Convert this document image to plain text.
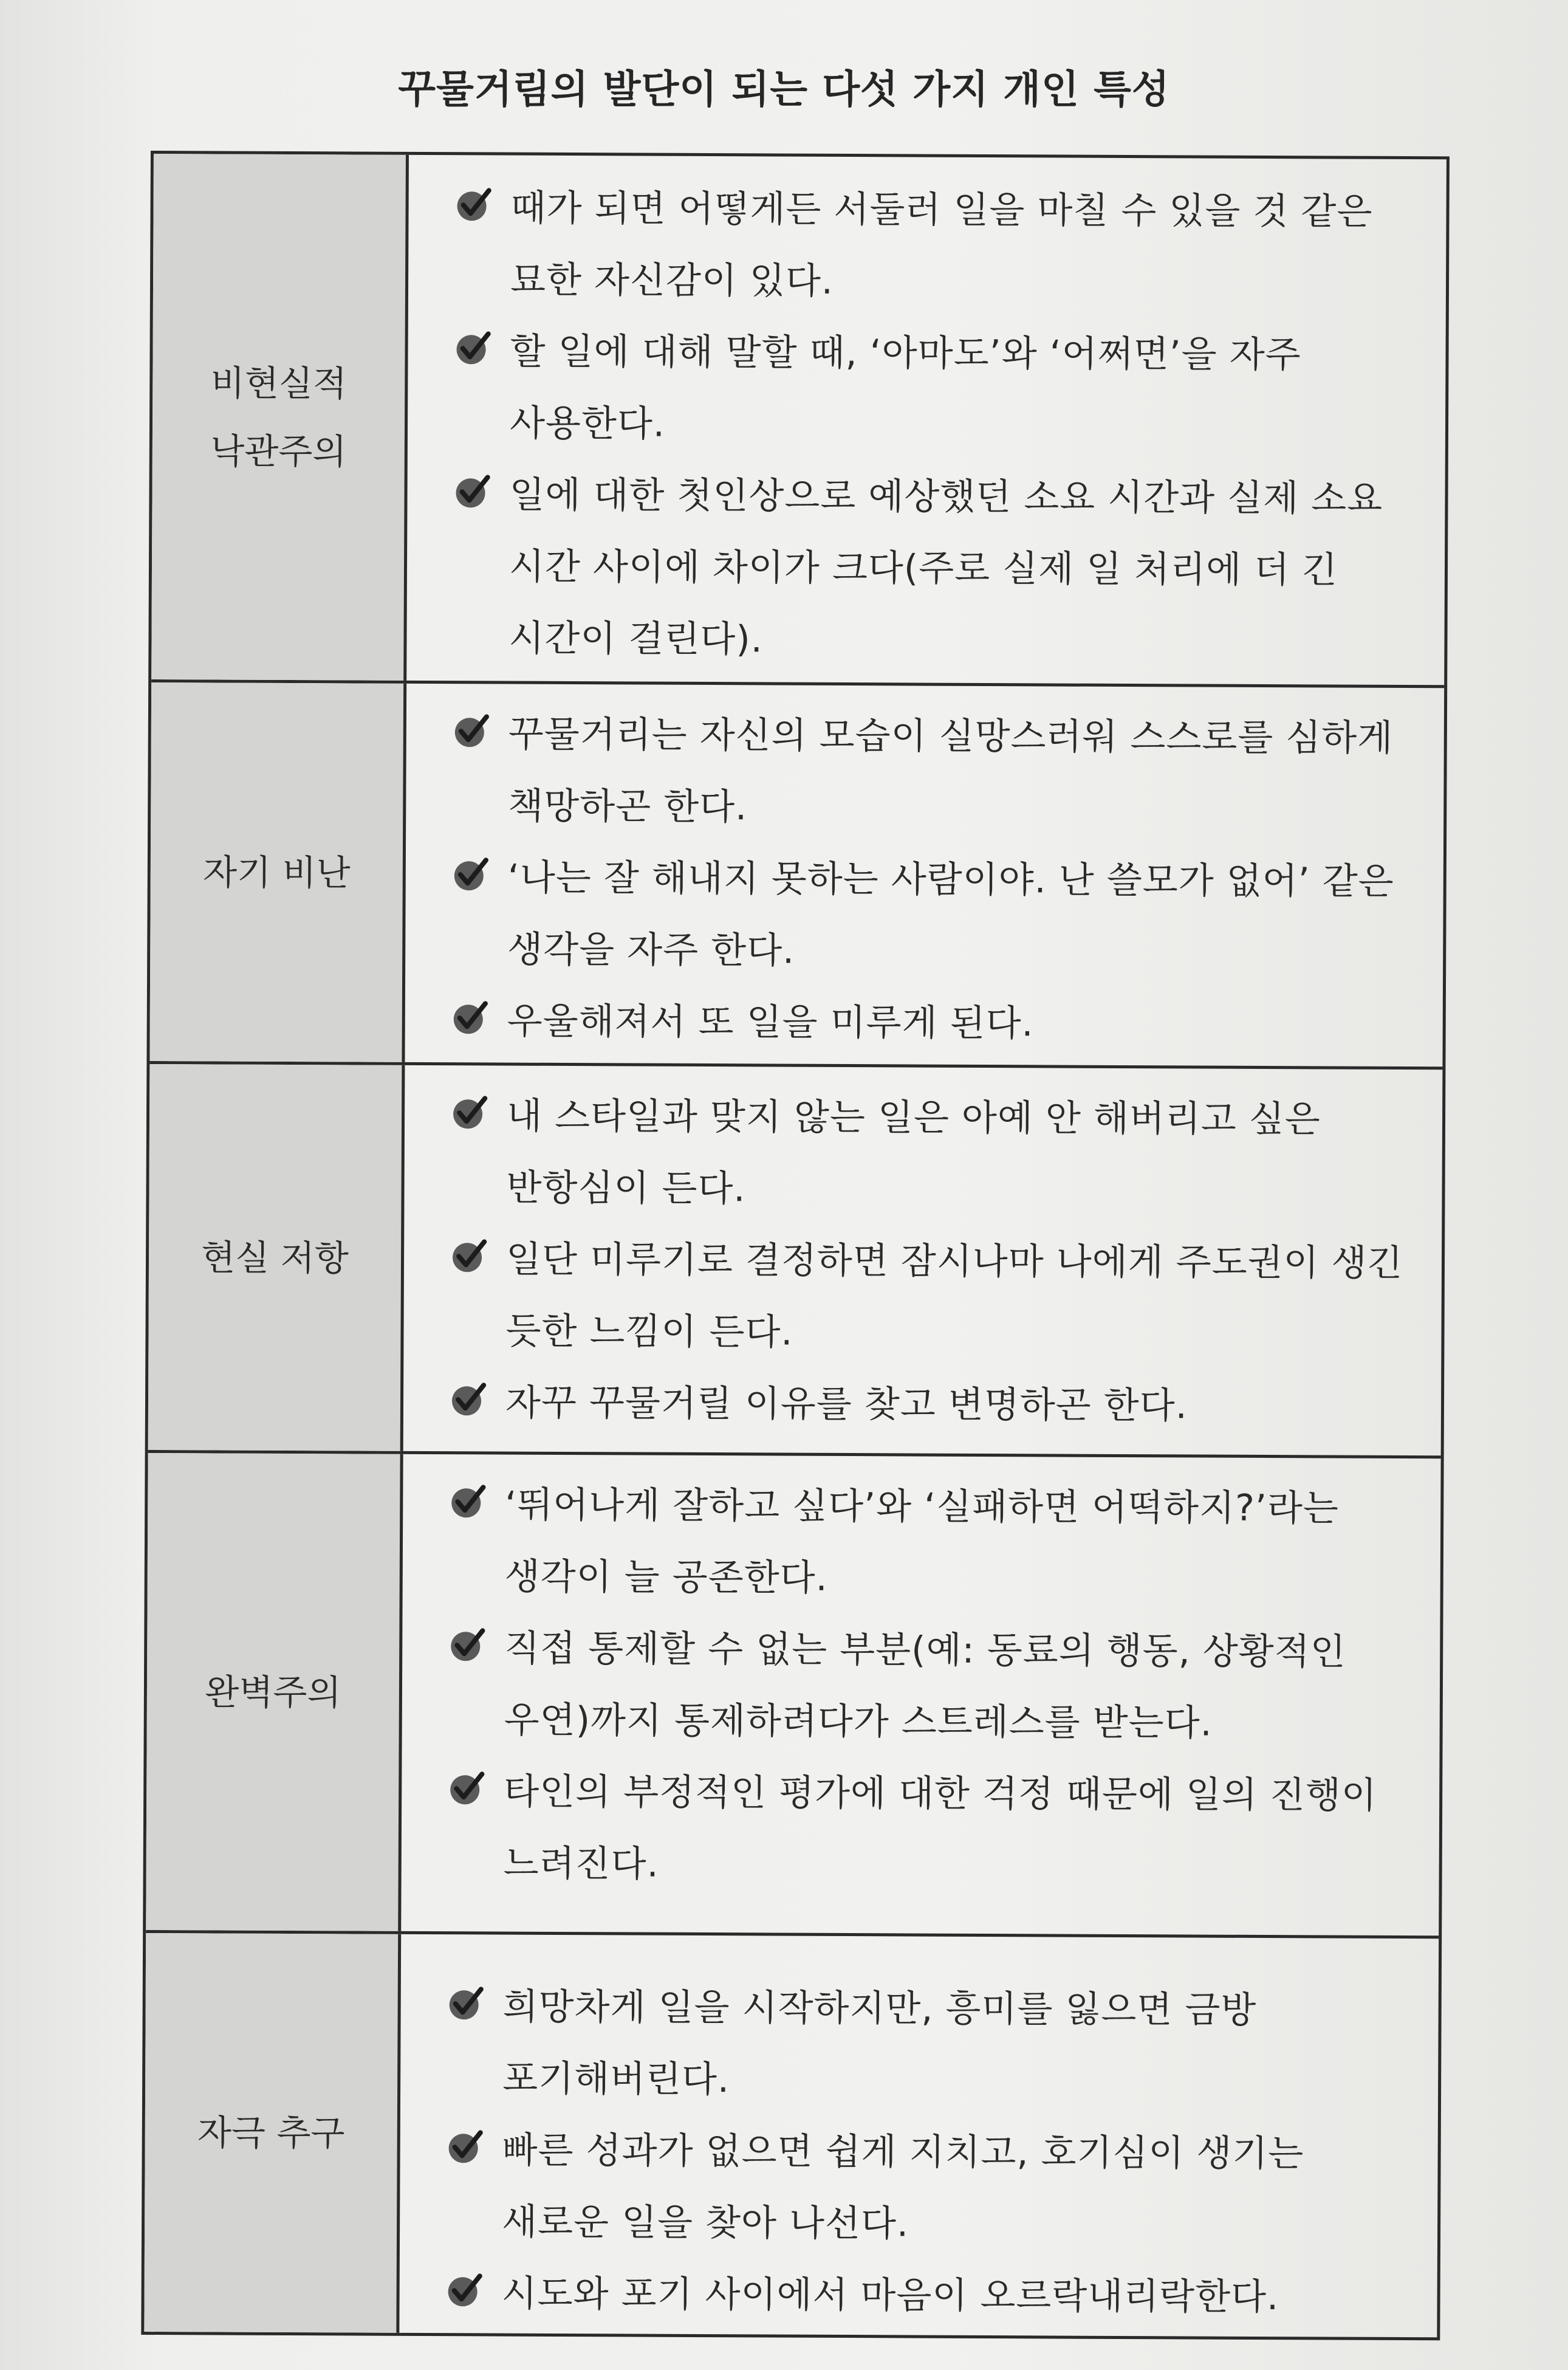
꾸물거림의 발단이 되는 다섯 가지 개인 특성
비현실적
낙관주의
때가 되면 어떻게든 서둘러 일을 마칠 수 있을 것 같은 묘한 자신감이 있다.
할 일에 대해 말할 때, ‘아마도’와 ‘어쩌면’을 자주 사용한다.
일에 대한 첫인상으로 예상했던 소요 시간과 실제 소요 시간 사이에 차이가 크다(주로 실제 일 처리에 더 긴 시간이 걸린다).
자기 비난
꾸물거리는 자신의 모습이 실망스러워 스스로를 심하게 책망하곤 한다.
‘나는 잘 해내지 못하는 사람이야. 난 쓸모가 없어’ 같은 생각을 자주 한다.
우울해져서 또 일을 미루게 된다.
현실 저항
내 스타일과 맞지 않는 일은 아예 안 해버리고 싶은 반항심이 든다.
일단 미루기로 결정하면 잠시나마 나에게 주도권이 생긴 듯한 느낌이 든다.
자꾸 꾸물거릴 이유를 찾고 변명하곤 한다.
완벽주의
‘뛰어나게 잘하고 싶다’와 ‘실패하면 어떡하지?’라는 생각이 늘 공존한다.
직접 통제할 수 없는 부분(예: 동료의 행동, 상황적인 우연)까지 통제하려다가 스트레스를 받는다.
타인의 부정적인 평가에 대한 걱정 때문에 일의 진행이 느려진다.
자극 추구
희망차게 일을 시작하지만, 흥미를 잃으면 금방 포기해버린다.
빠른 성과가 없으면 쉽게 지치고, 호기심이 생기는 새로운 일을 찾아 나선다.
시도와 포기 사이에서 마음이 오르락내리락한다.
